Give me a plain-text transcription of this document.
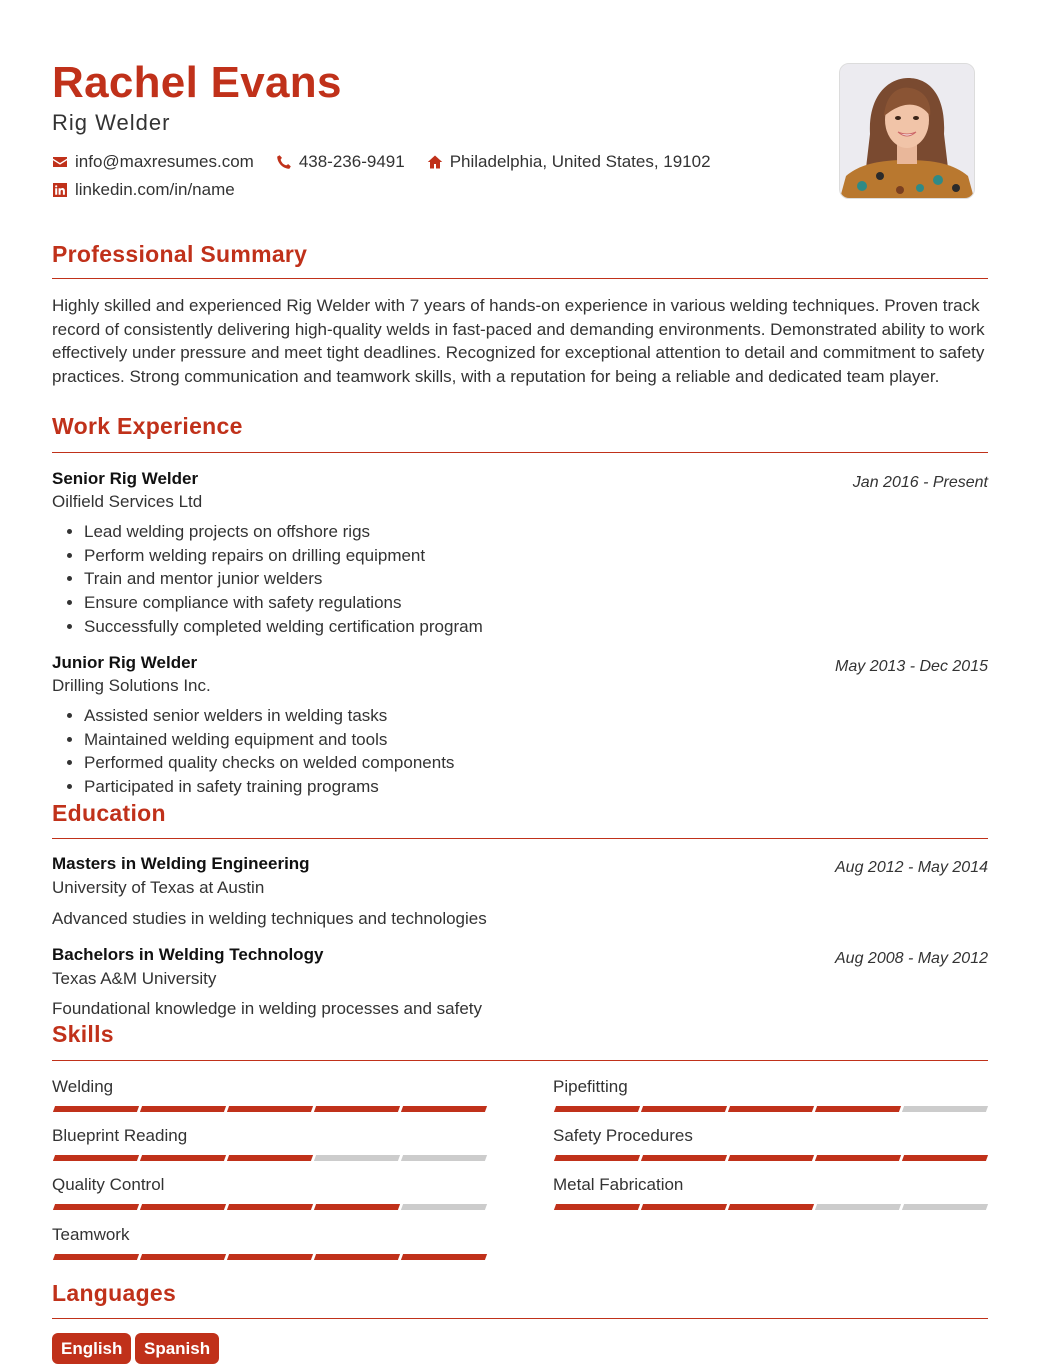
Rachel Evans
Rig Welder
info@maxresumes.com	438-236-9491	Philadelphia, United States, 19102
linkedin.com/in/name
Professional Summary
Highly skilled and experienced Rig Welder with 7 years of hands-on experience in various welding techniques. Proven track record of consistently delivering high-quality welds in fast-paced and demanding environments. Demonstrated ability to work effectively under pressure and meet tight deadlines. Recognized for exceptional attention to detail and commitment to safety practices. Strong communication and teamwork skills, with a reputation for being a reliable and dedicated team player.
Work Experience
Senior Rig Welder	Jan 2016 - Present
Oilfield Services Ltd
• Lead welding projects on offshore rigs
• Perform welding repairs on drilling equipment
• Train and mentor junior welders
• Ensure compliance with safety regulations
• Successfully completed welding certification program
Junior Rig Welder	May 2013 - Dec 2015
Drilling Solutions Inc.
• Assisted senior welders in welding tasks
• Maintained welding equipment and tools
• Performed quality checks on welded components
• Participated in safety training programs
Education
Masters in Welding Engineering	Aug 2012 - May 2014
University of Texas at Austin
Advanced studies in welding techniques and technologies
Bachelors in Welding Technology	Aug 2008 - May 2012
Texas A&M University
Foundational knowledge in welding processes and safety
Skills
Welding	Pipefitting
Blueprint Reading	Safety Procedures
Quality Control	Metal Fabrication
Teamwork
Languages
English	Spanish
